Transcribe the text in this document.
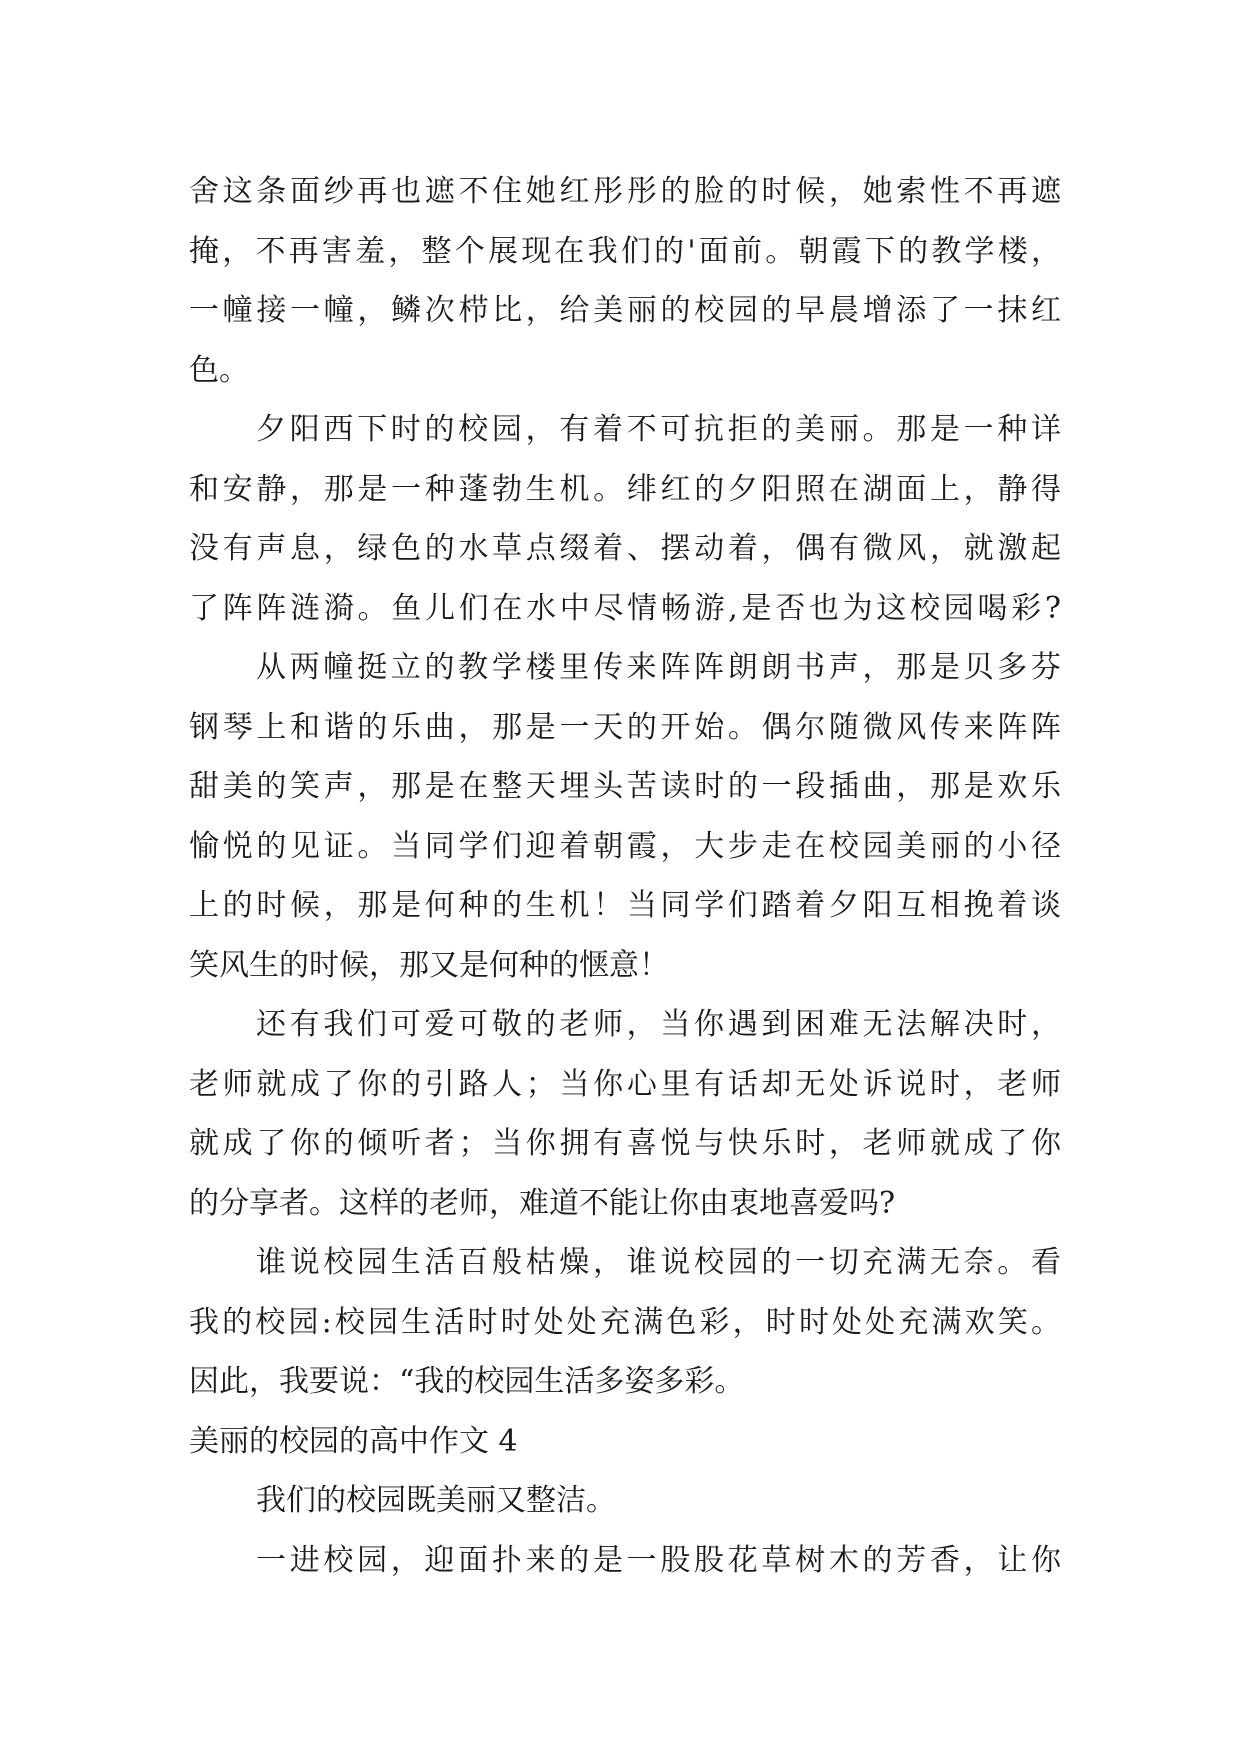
舍这条面纱再也遮不住她红彤彤的脸的时候，她索性不再遮
掩，不再害羞，整个展现在我们的'面前。朝霞下的教学楼，
一幢接一幢，鳞次栉比，给美丽的校园的早晨增添了一抹红
色。
夕阳西下时的校园，有着不可抗拒的美丽。那是一种详
和安静，那是一种蓬勃生机。绯红的夕阳照在湖面上，静得
没有声息，绿色的水草点缀着、摆动着，偶有微风，就激起
了阵阵涟漪。鱼儿们在水中尽情畅游,是否也为这校园喝彩?
从两幢挺立的教学楼里传来阵阵朗朗书声，那是贝多芬
钢琴上和谐的乐曲，那是一天的开始。偶尔随微风传来阵阵
甜美的笑声，那是在整天埋头苦读时的一段插曲，那是欢乐
愉悦的见证。当同学们迎着朝霞，大步走在校园美丽的小径
上的时候，那是何种的生机！当同学们踏着夕阳互相挽着谈
笑风生的时候，那又是何种的惬意！
还有我们可爱可敬的老师，当你遇到困难无法解决时，
老师就成了你的引路人；当你心里有话却无处诉说时，老师
就成了你的倾听者；当你拥有喜悦与快乐时，老师就成了你
的分享者。这样的老师，难道不能让你由衷地喜爱吗?
谁说校园生活百般枯燥，谁说校园的一切充满无奈。看
我的校园:校园生活时时处处充满色彩，时时处处充满欢笑。
因此，我要说：“我的校园生活多姿多彩。
美丽的校园的高中作文 4
我们的校园既美丽又整洁。
一进校园，迎面扑来的是一股股花草树木的芳香，让你
